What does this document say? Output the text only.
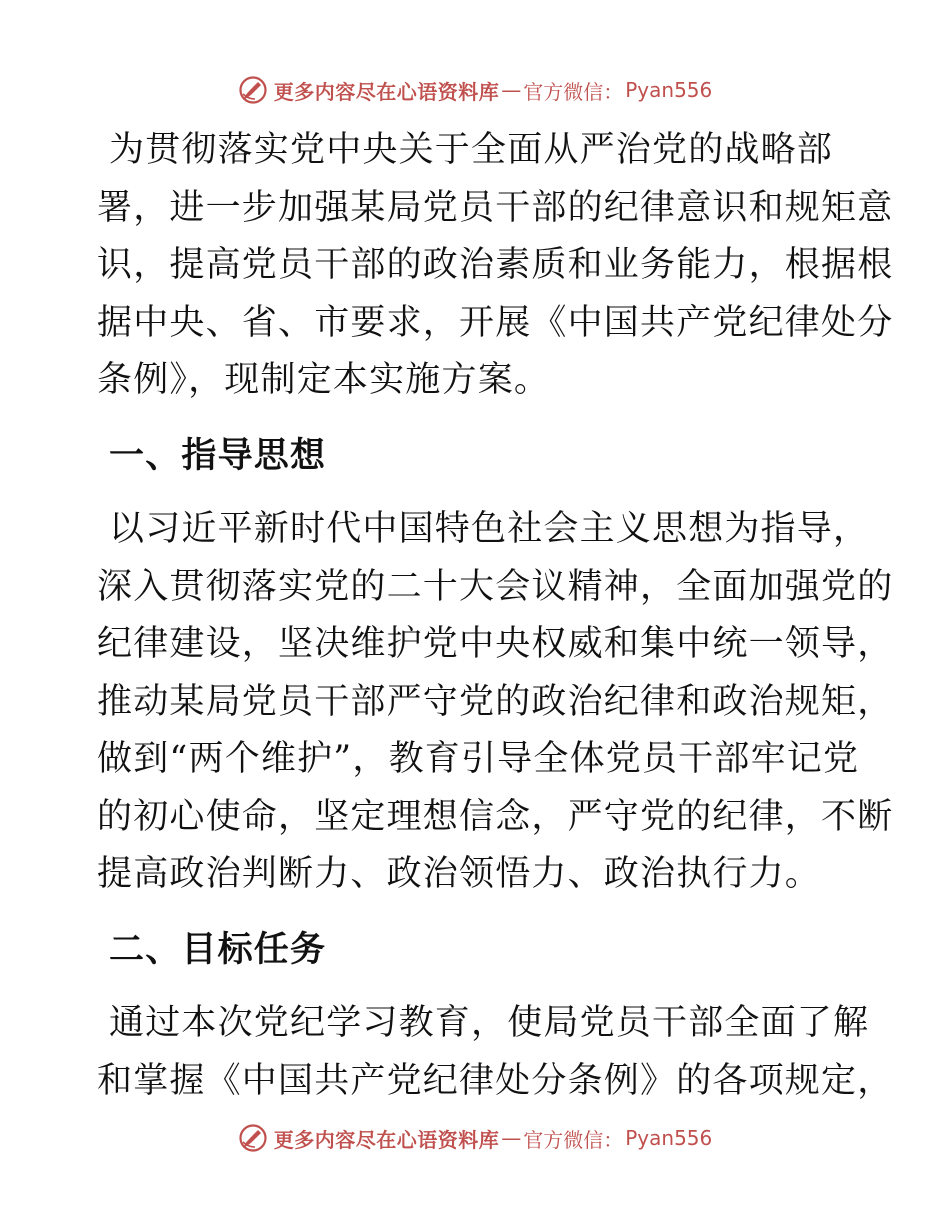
更多内容尽在心语资料库 — 官方微信： Pyan556

为贯彻落实党中央关于全面从严治党的战略部
署，进一步加强某局党员干部的纪律意识和规矩意
识，提高党员干部的政治素质和业务能力，根据根
据中央、省、市要求，开展《中国共产党纪律处分
条例》，现制定本实施方案。

一、指导思想

以习近平新时代中国特色社会主义思想为指导，
深入贯彻落实党的二十大会议精神，全面加强党的
纪律建设，坚决维护党中央权威和集中统一领导，
推动某局党员干部严守党的政治纪律和政治规矩，
做到“两个维护”，教育引导全体党员干部牢记党
的初心使命，坚定理想信念，严守党的纪律，不断
提高政治判断力、政治领悟力、政治执行力。

二、目标任务

通过本次党纪学习教育，使局党员干部全面了解
和掌握《中国共产党纪律处分条例》的各项规定，

更多内容尽在心语资料库 — 官方微信： Pyan556
